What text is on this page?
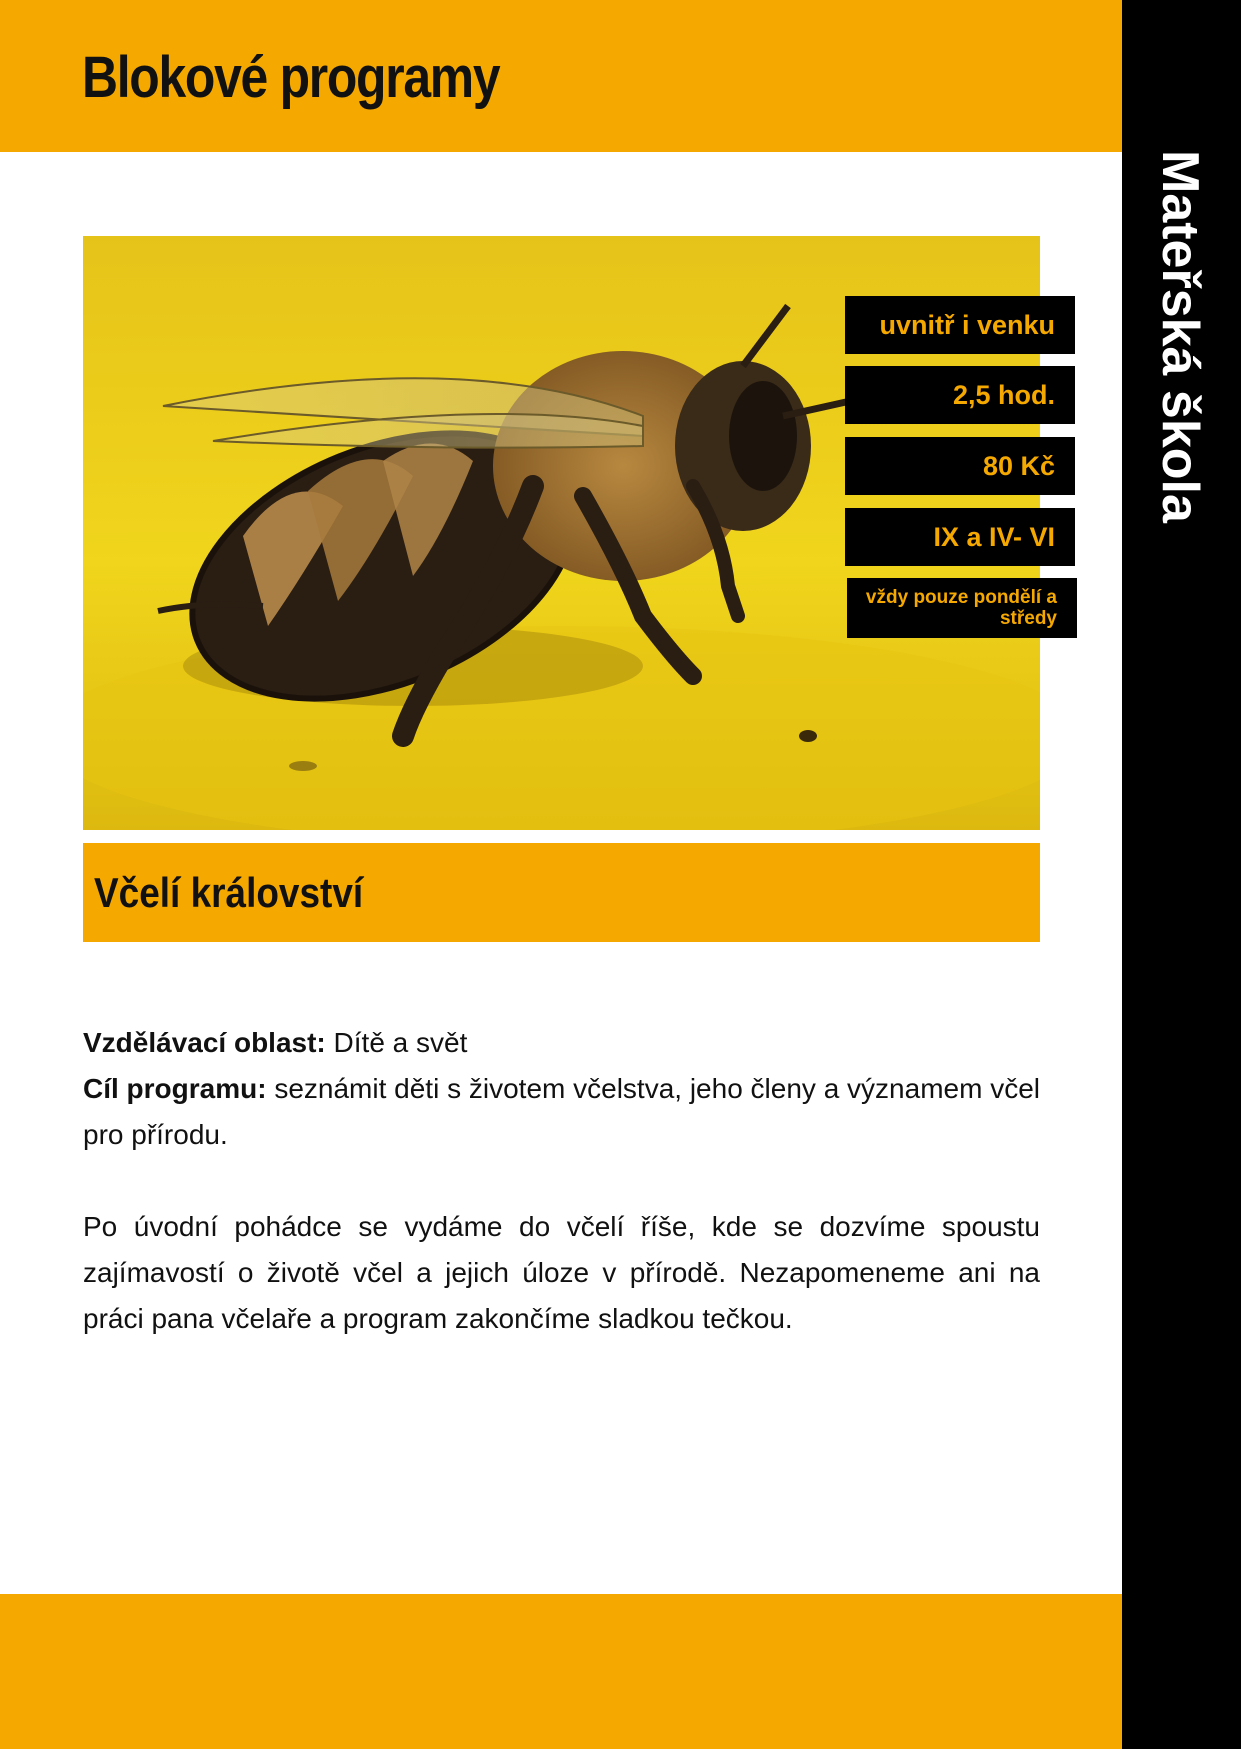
Blokové programy
Mateřská škola
uvnitř i venku
2,5 hod.
80 Kč
IX a IV- VI
vždy pouze pondělí a středy
Včelí království

Vzdělávací oblast: Dítě a svět

Cíl programu: seznámit děti s životem včelstva, jeho členy a významem včel pro přírodu.

Po úvodní pohádce se vydáme do včelí říše, kde se dozvíme spoustu zajímavostí o životě včel a jejich úloze v přírodě. Nezapomeneme ani na práci pana včelaře a program zakončíme sladkou tečkou.
